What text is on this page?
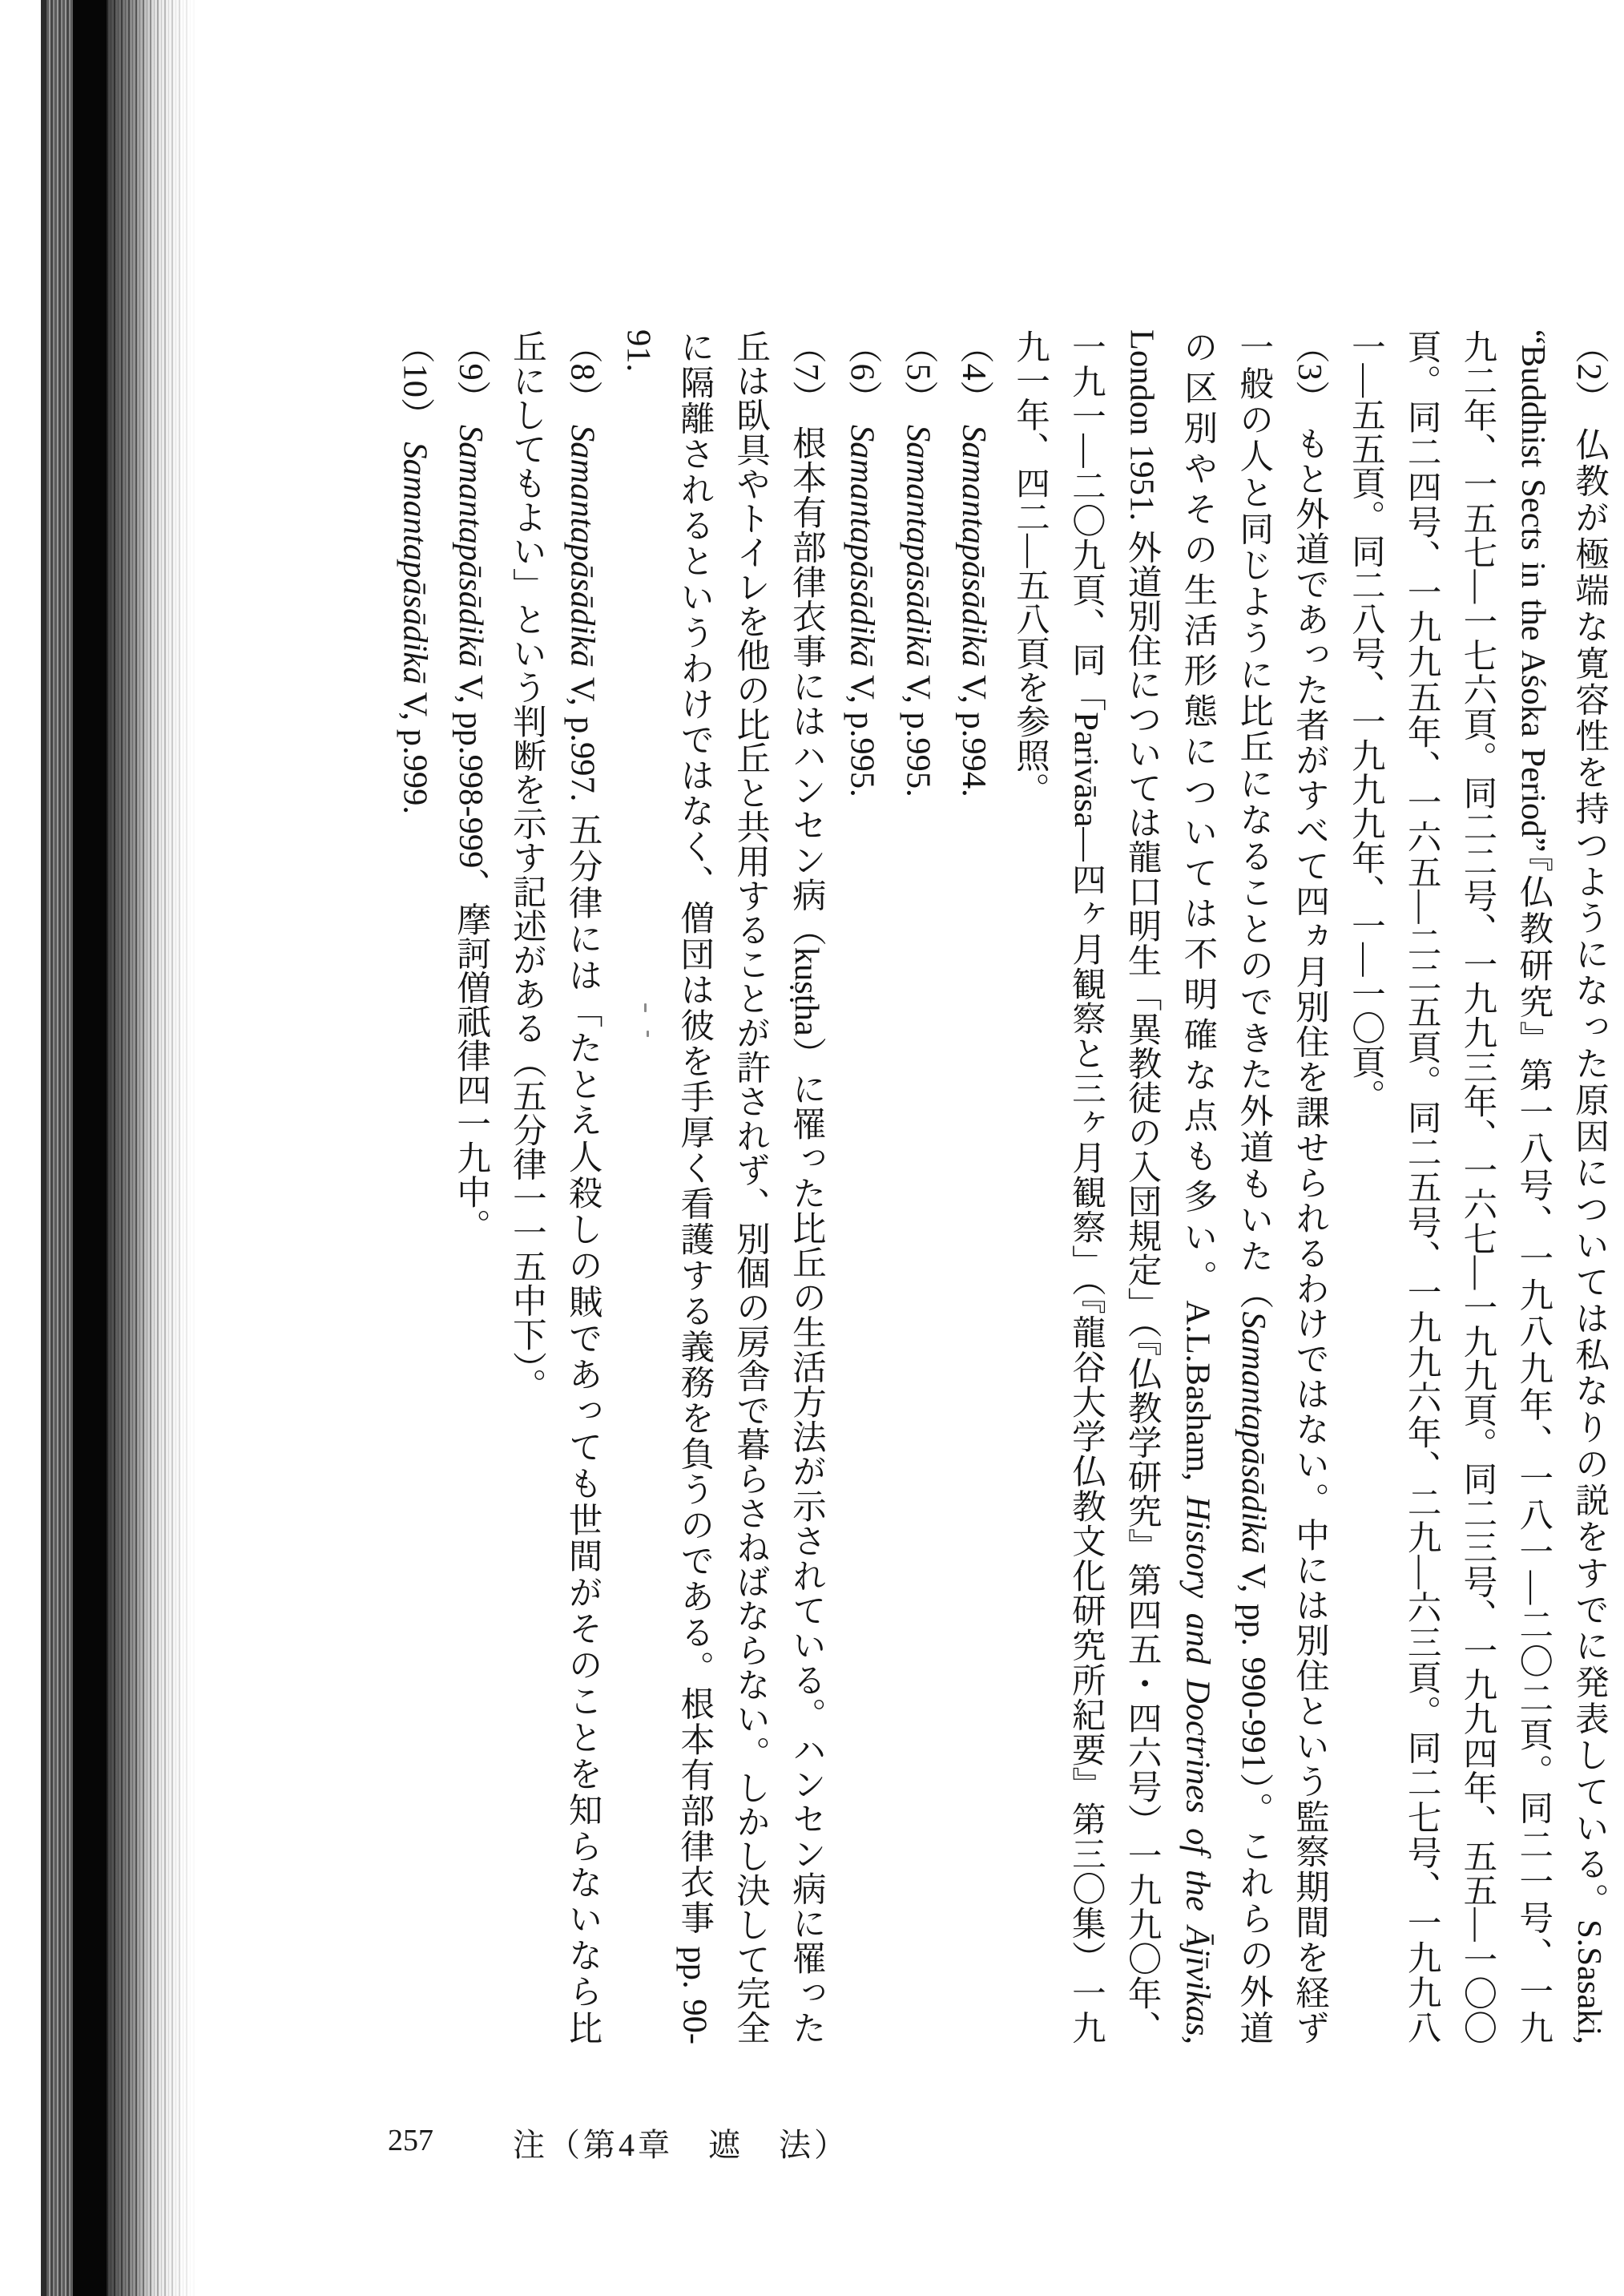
（2）仏教が極端な寛容性を持つようになった原因については私なりの説をすでに発表している。S.Sasaki,
“Buddhist Sects in the Aśoka Period”『仏教研究』第一八号、一九八九年、一八一—二〇二頁。同二一号、一九
九二年、一五七—一七六頁。同二二号、一九九三年、一六七—一九九頁。同二三号、一九九四年、五五—一〇〇
頁。同二四号、一九九五年、一六五—二二五頁。同二五号、一九九六年、二九—六三頁。同二七号、一九九八
一—五五頁。同二八号、一九九九年、一—一〇頁。
（3）もと外道であった者がすべて四ヵ月別住を課せられるわけではない。中には別住という監察期間を経ず
一般の人と同じように比丘になることのできた外道もいた（Samantapāsādikā V, pp. 990-991）。これらの外道
の区別やその生活形態については不明確な点も多い。A.L.Basham, History and Doctrines of the Ājīvikas,
London 1951. 外道別住については龍口明生「異教徒の入団規定」（『仏教学研究』第四五・四六号）一九九〇年、
一九一—二〇九頁、同「Parivāsa—四ヶ月観察と三ヶ月観察」（『龍谷大学仏教文化研究所紀要』第三〇集）一九
九一年、四二—五八頁を参照。
（4）Samantapāsādikā V, p.994.
（5）Samantapāsādikā V, p.995.
（6）Samantapāsādikā V, p.995.
（7）根本有部律衣事にはハンセン病（kuṣṭha）に罹った比丘の生活方法が示されている。ハンセン病に罹った
丘は臥具やトイレを他の比丘と共用することが許されず、別個の房舎で暮らさねばならない。しかし決して完全
に隔離されるというわけではなく、僧団は彼を手厚く看護する義務を負うのである。根本有部律衣事 pp. 90-
91.
（8）Samantapāsādikā V, p.997. 五分律には「たとえ人殺しの賊であっても世間がそのことを知らないなら比
丘にしてもよい」という判断を示す記述がある（五分律一一五中下）。
（9）Samantapāsādikā V, pp.998-999、摩訶僧祇律四一九中。
（10）Samantapāsādikā V, p.999.
257 注（第4章　遮　法）
